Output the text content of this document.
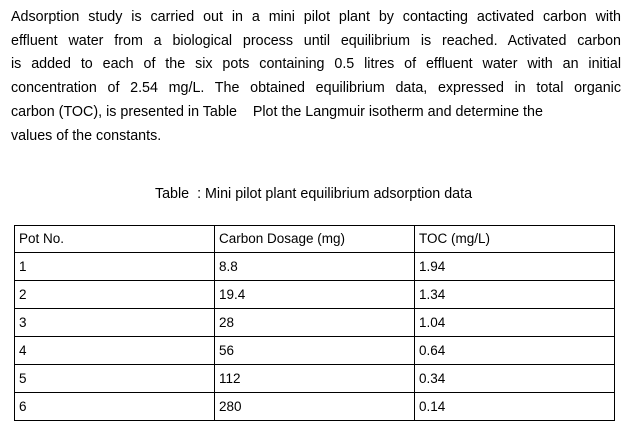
Adsorption study is carried out in a mini pilot plant by contacting activated carbon with
effluent water from a biological process until equilibrium is reached. Activated carbon
is added to each of the six pots containing 0.5 litres of effluent water with an initial
concentration of 2.54 mg/L. The obtained equilibrium data, expressed in total organic
carbon (TOC), is presented in Table    Plot the Langmuir isotherm and determine the
values of the constants.
Table : Mini pilot plant equilibrium adsorption data
Pot No.	Carbon Dosage (mg)	TOC (mg/L)
1	8.8	1.94
2	19.4	1.34
3	28	1.04
4	56	0.64
5	112	0.34
6	280	0.14
